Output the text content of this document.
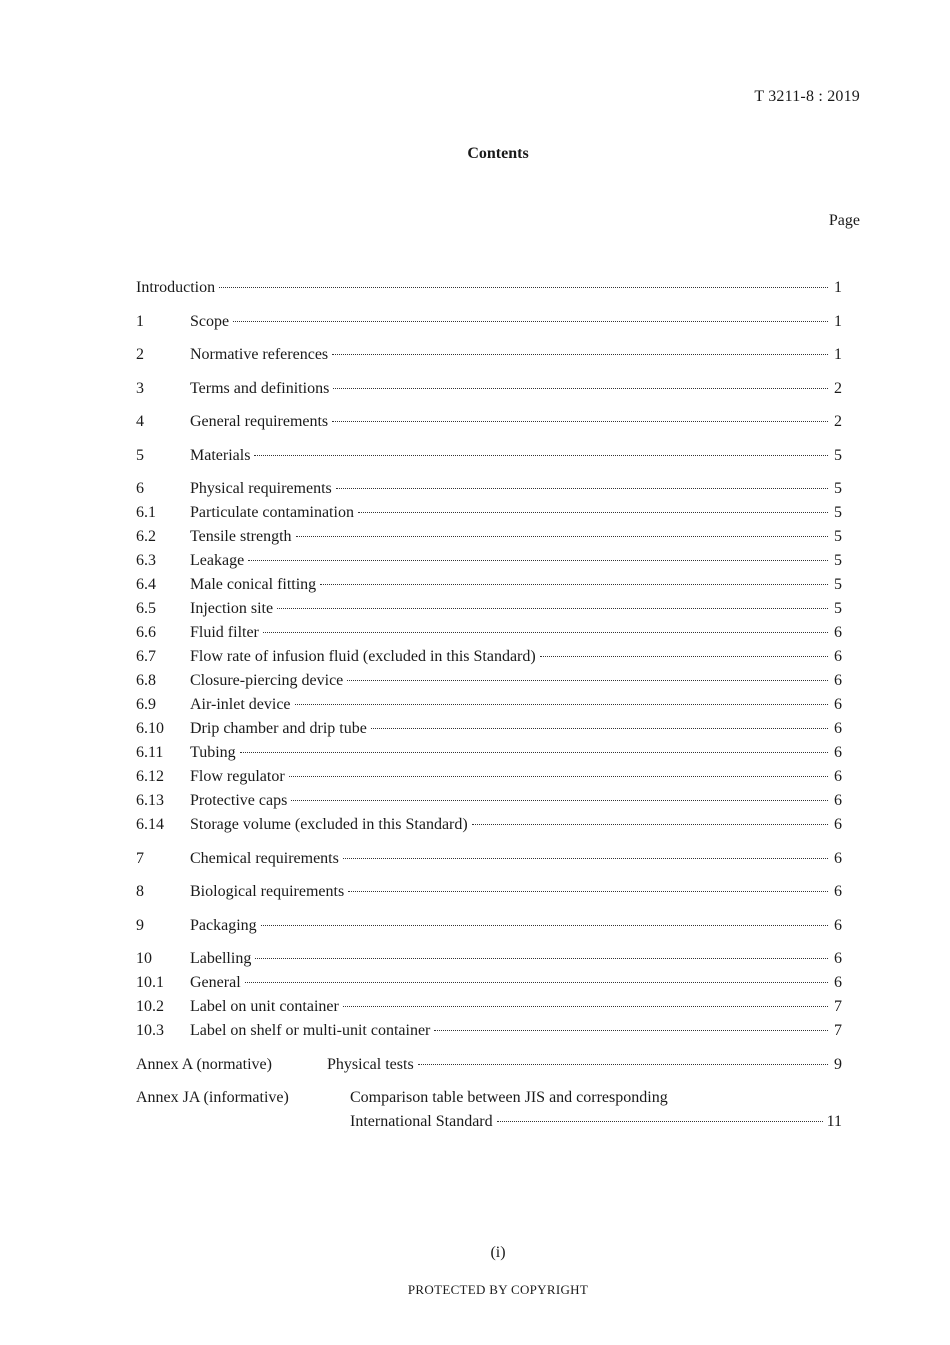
T 3211-8 : 2019
Contents
Page
Introduction	1
1	Scope	1
2	Normative references	1
3	Terms and definitions	2
4	General requirements	2
5	Materials	5
6	Physical requirements	5
6.1	Particulate contamination	5
6.2	Tensile strength	5
6.3	Leakage	5
6.4	Male conical fitting	5
6.5	Injection site	5
6.6	Fluid filter	6
6.7	Flow rate of infusion fluid (excluded in this Standard)	6
6.8	Closure-piercing device	6
6.9	Air-inlet device	6
6.10	Drip chamber and drip tube	6
6.11	Tubing	6
6.12	Flow regulator	6
6.13	Protective caps	6
6.14	Storage volume (excluded in this Standard)	6
7	Chemical requirements	6
8	Biological requirements	6
9	Packaging	6
10	Labelling	6
10.1	General	6
10.2	Label on unit container	7
10.3	Label on shelf or multi-unit container	7
Annex A (normative)	Physical tests	9
Annex JA (informative)	Comparison table between JIS and corresponding
International Standard	11
(i)
PROTECTED BY COPYRIGHT
